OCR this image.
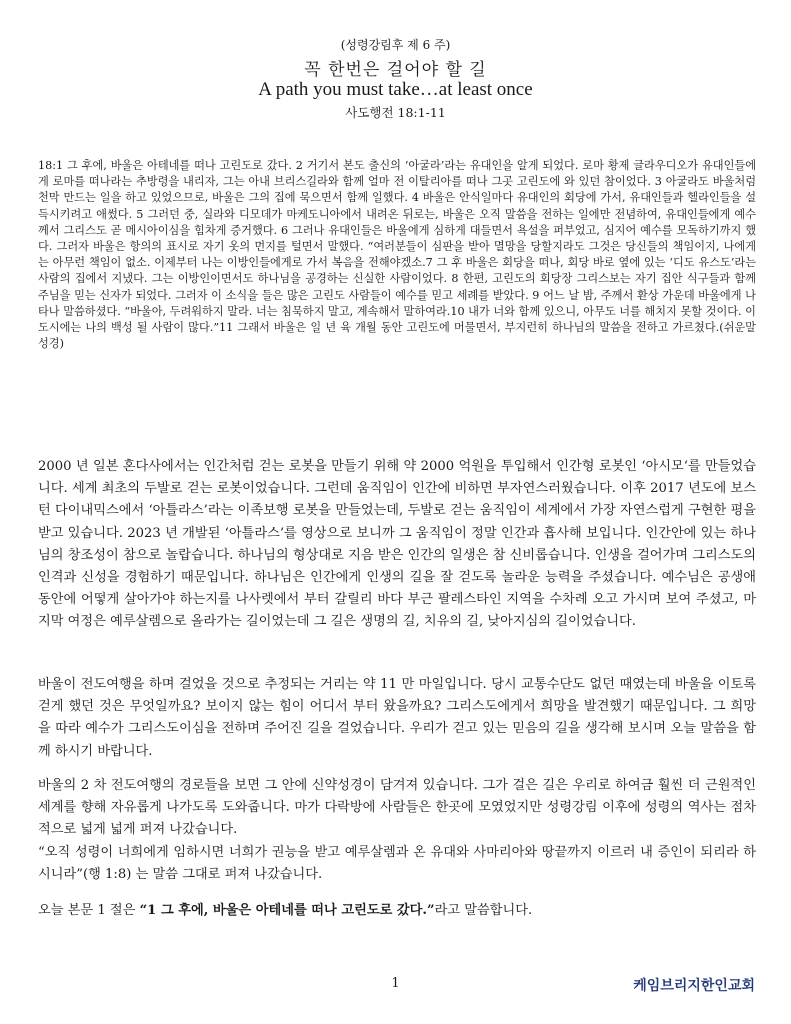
(성령강림후 제 6 주)
꼭 한번은 걸어야 할 길
A path you must take…at least once
사도행전 18:1-11
18:1 그 후에, 바울은 아테네를 떠나 고린도로 갔다. 2 거기서 본도 출신의 ‘아굴라’라는 유대인을 알게 되었다. 로마 황제 글라우디오가 유대인들에게 로마를 떠나라는 추방령을 내리자, 그는 아내 브리스길라와 함께 얼마 전 이탈리아를 떠나 그곳 고린도에 와 있던 참이었다. 3 아굴라도 바울처럼 천막 만드는 일을 하고 있었으므로, 바울은 그의 집에 묵으면서 함께 일했다. 4 바울은 안식일마다 유대인의 회당에 가서, 유대인들과 헬라인들을 설득시키려고 애썼다. 5 그러던 중, 실라와 디모데가 마케도니아에서 내려온 뒤로는, 바울은 오직 말씀을 전하는 일에만 전념하여, 유대인들에게 예수께서 그리스도 곧 메시아이심을 힘차게 증거했다. 6 그러나 유대인들은 바울에게 심하게 대들면서 욕설을 퍼부었고, 심지어 예수를 모독하기까지 했다. 그러자 바울은 항의의 표시로 자기 옷의 먼지를 털면서 말했다. “여러분들이 심판을 받아 멸망을 당할지라도 그것은 당신들의 책임이지, 나에게는 아무런 책임이 없소. 이제부터 나는 이방인들에게로 가서 복음을 전해야겠소.7 그 후 바울은 회당을 떠나, 회당 바로 옆에 있는 ‘디도 유스도’라는 사람의 집에서 지냈다. 그는 이방인이면서도 하나님을 공경하는 신실한 사람이었다. 8 한편, 고린도의 회당장 그리스보는 자기 집안 식구들과 함께 주님을 믿는 신자가 되었다. 그러자 이 소식을 들은 많은 고린도 사람들이 예수를 믿고 세례를 받았다. 9 어느 날 밤, 주께서 환상 가운데 바울에게 나타나 말씀하셨다. “바울아, 두려워하지 말라. 너는 침묵하지 말고, 계속해서 말하여라.10 내가 너와 함께 있으니, 아무도 너를 해치지 못할 것이다. 이 도시에는 나의 백성 될 사람이 많다.”11 그래서 바울은 일 년 육 개월 동안 고린도에 머물면서, 부지런히 하나님의 말씀을 전하고 가르쳤다.(쉬운말 성경)
2000 년 일본 혼다사에서는 인간처럼 걷는 로봇을 만들기 위해 약 2000 억원을 투입해서 인간형 로봇인 ‘아시모‘를 만들었습니다. 세계 최초의 두발로 걷는 로봇이었습니다. 그런데 움직임이 인간에 비하면 부자연스러웠습니다. 이후 2017 년도에 보스턴 다이내믹스에서 ‘아틀라스’라는 이족보행 로봇을 만들었는데, 두발로 걷는 움직임이 세계에서 가장 자연스럽게 구현한 평을 받고 있습니다. 2023 년 개발된 ‘아틀라스’를 영상으로 보니까 그 움직임이 정말 인간과 흡사해 보입니다. 인간안에 있는 하나님의 창조성이 참으로 놀랍습니다. 하나님의 형상대로 지음 받은 인간의 일생은 참 신비롭습니다. 인생을 걸어가며 그리스도의 인격과 신성을 경험하기 때문입니다. 하나님은 인간에게 인생의 길을 잘 걷도록 놀라운 능력을 주셨습니다. 예수님은 공생애 동안에 어떻게 살아가야 하는지를 나사렛에서 부터 갈릴리 바다 부근 팔레스타인 지역을 수차례 오고 가시며 보여 주셨고, 마지막 여정은 예루살렘으로 올라가는 길이었는데 그 길은 생명의 길, 치유의 길, 낮아지심의 길이었습니다.
바울이 전도여행을 하며 걸었을 것으로 추정되는 거리는 약 11 만 마일입니다. 당시 교통수단도 없던 때였는데 바울을 이토록 걷게 했던 것은 무엇일까요? 보이지 않는 힘이 어디서 부터 왔을까요? 그리스도에게서 희망을 발견했기 때문입니다. 그 희망을 따라 예수가 그리스도이심을 전하며 주어진 길을 걸었습니다. 우리가 걷고 있는 믿음의 길을 생각해 보시며 오늘 말씀을 함께 하시기 바랍니다.
바울의 2 차 전도여행의 경로들을 보면 그 안에 신약성경이 담겨져 있습니다. 그가 걸은 길은 우리로 하여금 훨씬 더 근원적인 세계를 향해 자유롭게 나가도록 도와줍니다. 마가 다락방에 사람들은 한곳에 모였었지만 성령강림 이후에 성령의 역사는 점차적으로 넓게 넓게 퍼져 나갔습니다.
“오직 성령이 너희에게 임하시면 너희가 권능을 받고 예루살렘과 온 유대와 사마리아와 땅끝까지 이르러 내 증인이 되리라 하시니라”(행 1:8) 는 말씀 그대로 퍼져 나갔습니다.
오늘 본문 1 절은 “1 그 후에, 바울은 아테네를 떠나 고린도로 갔다.”라고 말씀합니다.
1	케임브리지한인교회
